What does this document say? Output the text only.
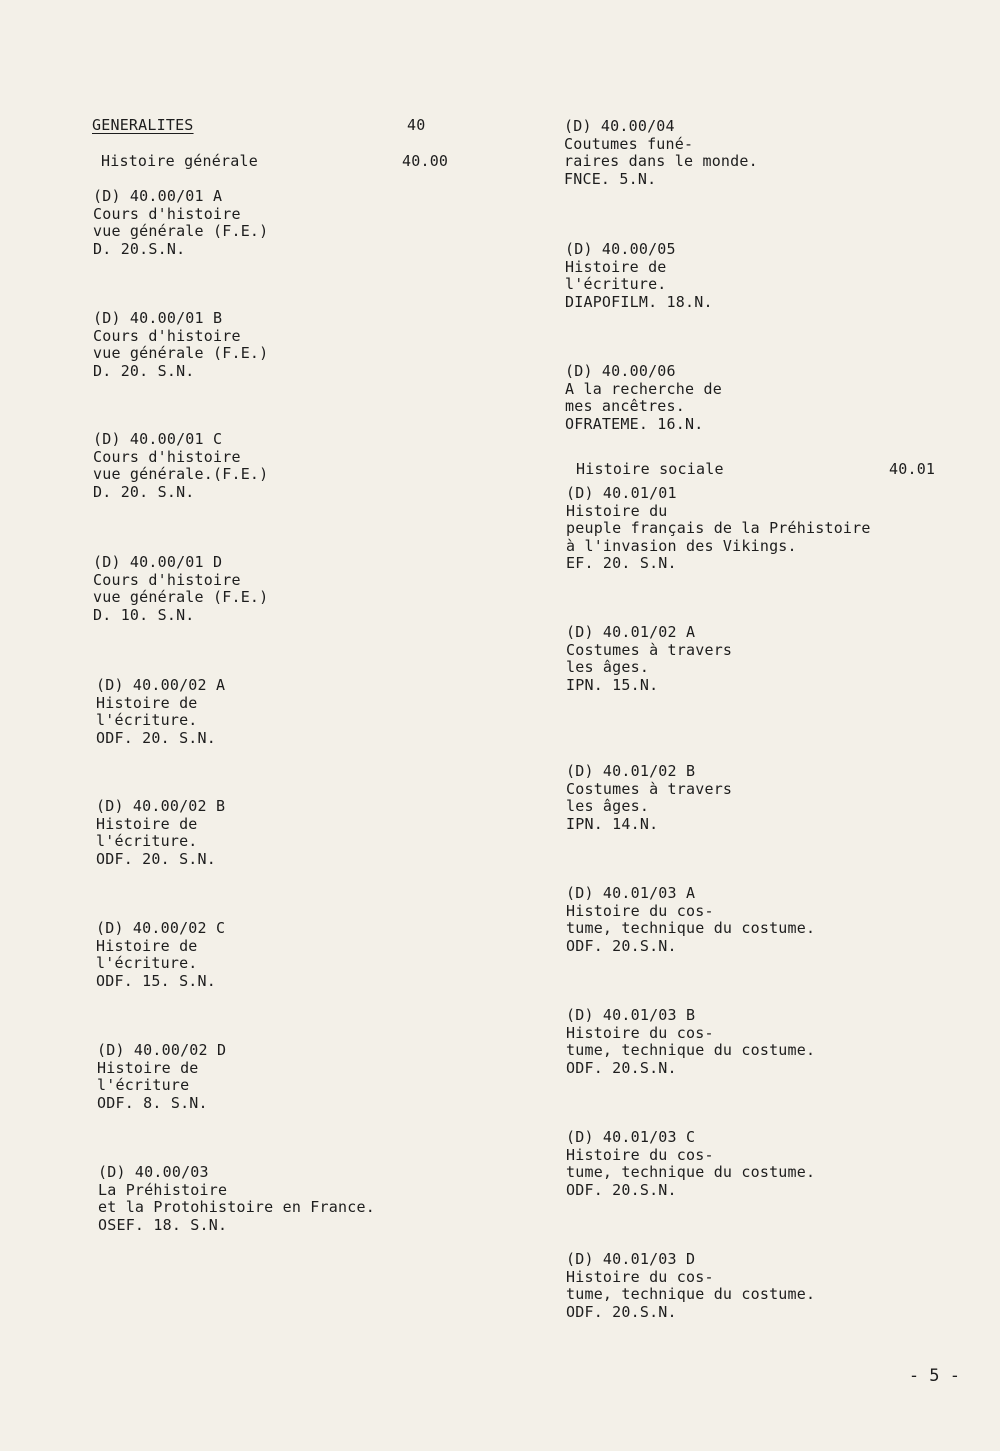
GENERALITES	40
Histoire générale	40.00
(D) 40.00/01 A
Cours d'histoire
vue générale (F.E.)
D. 20.S.N.
(D) 40.00/01 B
Cours d'histoire
vue générale (F.E.)
D. 20. S.N.
(D) 40.00/01 C
Cours d'histoire
vue générale.(F.E.)
D. 20. S.N.
(D) 40.00/01 D
Cours d'histoire
vue générale (F.E.)
D. 10. S.N.
(D) 40.00/02 A
Histoire de
l'écriture.
ODF. 20. S.N.
(D) 40.00/02 B
Histoire de
l'écriture.
ODF. 20. S.N.
(D) 40.00/02 C
Histoire de
l'écriture.
ODF. 15. S.N.
(D) 40.00/02 D
Histoire de
l'écriture
ODF. 8. S.N.
(D) 40.00/03
La Préhistoire
et la Protohistoire en France.
OSEF. 18. S.N.
(D) 40.00/04
Coutumes funé-
raires dans le monde.
FNCE. 5.N.
(D) 40.00/05
Histoire de
l'écriture.
DIAPOFILM. 18.N.
(D) 40.00/06
A la recherche de
mes ancêtres.
OFRATEME. 16.N.
Histoire sociale	40.01
(D) 40.01/01
Histoire du
peuple français de la Préhistoire
à l'invasion des Vikings.
EF. 20. S.N.
(D) 40.01/02 A
Costumes à travers
les âges.
IPN. 15.N.
(D) 40.01/02 B
Costumes à travers
les âges.
IPN. 14.N.
(D) 40.01/03 A
Histoire du cos-
tume, technique du costume.
ODF. 20.S.N.
(D) 40.01/03 B
Histoire du cos-
tume, technique du costume.
ODF. 20.S.N.
(D) 40.01/03 C
Histoire du cos-
tume, technique du costume.
ODF. 20.S.N.
(D) 40.01/03 D
Histoire du cos-
tume, technique du costume.
ODF. 20.S.N.
- 5 -
